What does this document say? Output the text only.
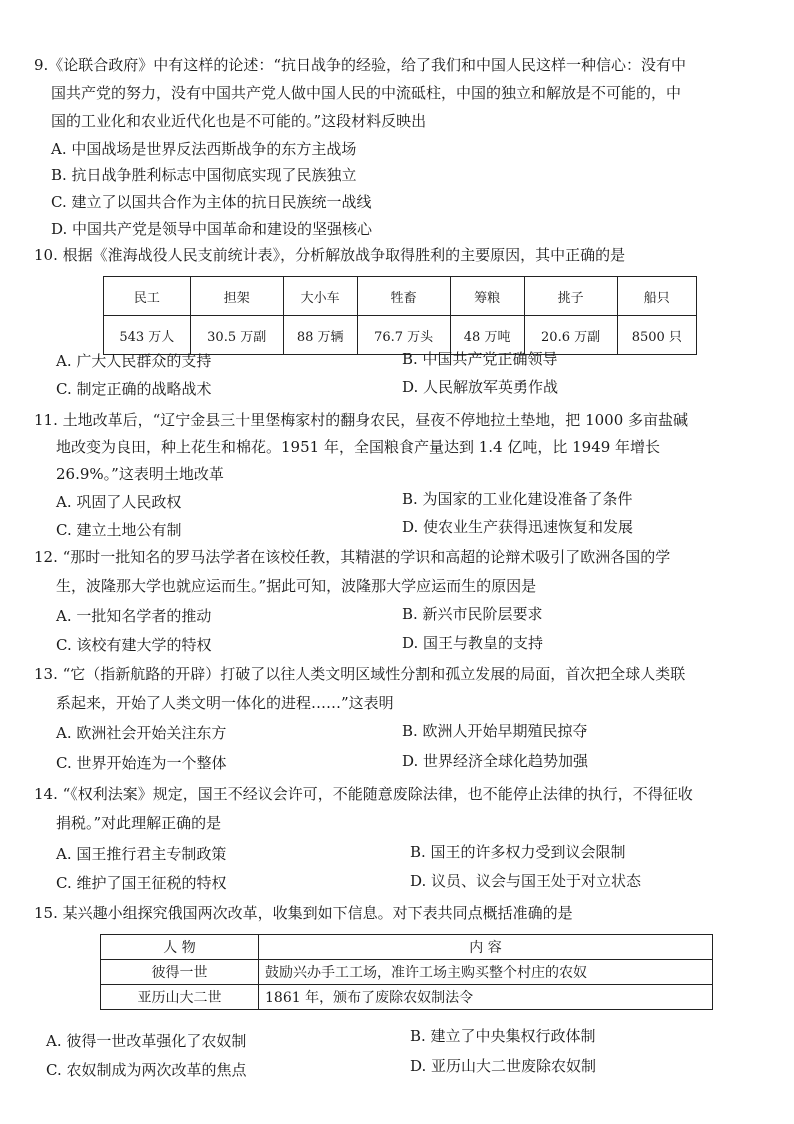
9.《论联合政府》中有这样的论述：“抗日战争的经验，给了我们和中国人民这样一种信心：没有中
国共产党的努力，没有中国共产党人做中国人民的中流砥柱，中国的独立和解放是不可能的，中
国的工业化和农业近代化也是不可能的。”这段材料反映出
A. 中国战场是世界反法西斯战争的东方主战场
B. 抗日战争胜利标志中国彻底实现了民族独立
C. 建立了以国共合作为主体的抗日民族统一战线
D. 中国共产党是领导中国革命和建设的坚强核心
10. 根据《淮海战役人民支前统计表》，分析解放战争取得胜利的主要原因，其中正确的是
民工	担架	大小车	牲畜	筹粮	挑子	船只
543 万人	30.5 万副	88 万辆	76.7 万头	48 万吨	20.6 万副	8500 只
A. 广大人民群众的支持	B. 中国共产党正确领导
C. 制定正确的战略战术	D. 人民解放军英勇作战
11. 土地改革后，“辽宁金县三十里堡梅家村的翻身农民，昼夜不停地拉土垫地，把 1000 多亩盐碱
地改变为良田，种上花生和棉花。1951 年，全国粮食产量达到 1.4 亿吨，比 1949 年增长
26.9%。”这表明土地改革
A. 巩固了人民政权	B. 为国家的工业化建设准备了条件
C. 建立土地公有制	D. 使农业生产获得迅速恢复和发展
12. “那时一批知名的罗马法学者在该校任教，其精湛的学识和高超的论辩术吸引了欧洲各国的学
生，波隆那大学也就应运而生。”据此可知，波隆那大学应运而生的原因是
A. 一批知名学者的推动	B. 新兴市民阶层要求
C. 该校有建大学的特权	D. 国王与教皇的支持
13. “它（指新航路的开辟）打破了以往人类文明区域性分割和孤立发展的局面，首次把全球人类联
系起来，开始了人类文明一体化的进程……”这表明
A. 欧洲社会开始关注东方	B. 欧洲人开始早期殖民掠夺
C. 世界开始连为一个整体	D. 世界经济全球化趋势加强
14. “《权利法案》规定，国王不经议会许可，不能随意废除法律，也不能停止法律的执行，不得征收
捐税。”对此理解正确的是
A. 国王推行君主专制政策	B. 国王的许多权力受到议会限制
C. 维护了国王征税的特权	D. 议员、议会与国王处于对立状态
15. 某兴趣小组探究俄国两次改革，收集到如下信息。对下表共同点概括准确的是
人 物	内 容
彼得一世	鼓励兴办手工工场，准许工场主购买整个村庄的农奴
亚历山大二世	1861 年，颁布了废除农奴制法令
A. 彼得一世改革强化了农奴制	B. 建立了中央集权行政体制
C. 农奴制成为两次改革的焦点	D. 亚历山大二世废除农奴制
